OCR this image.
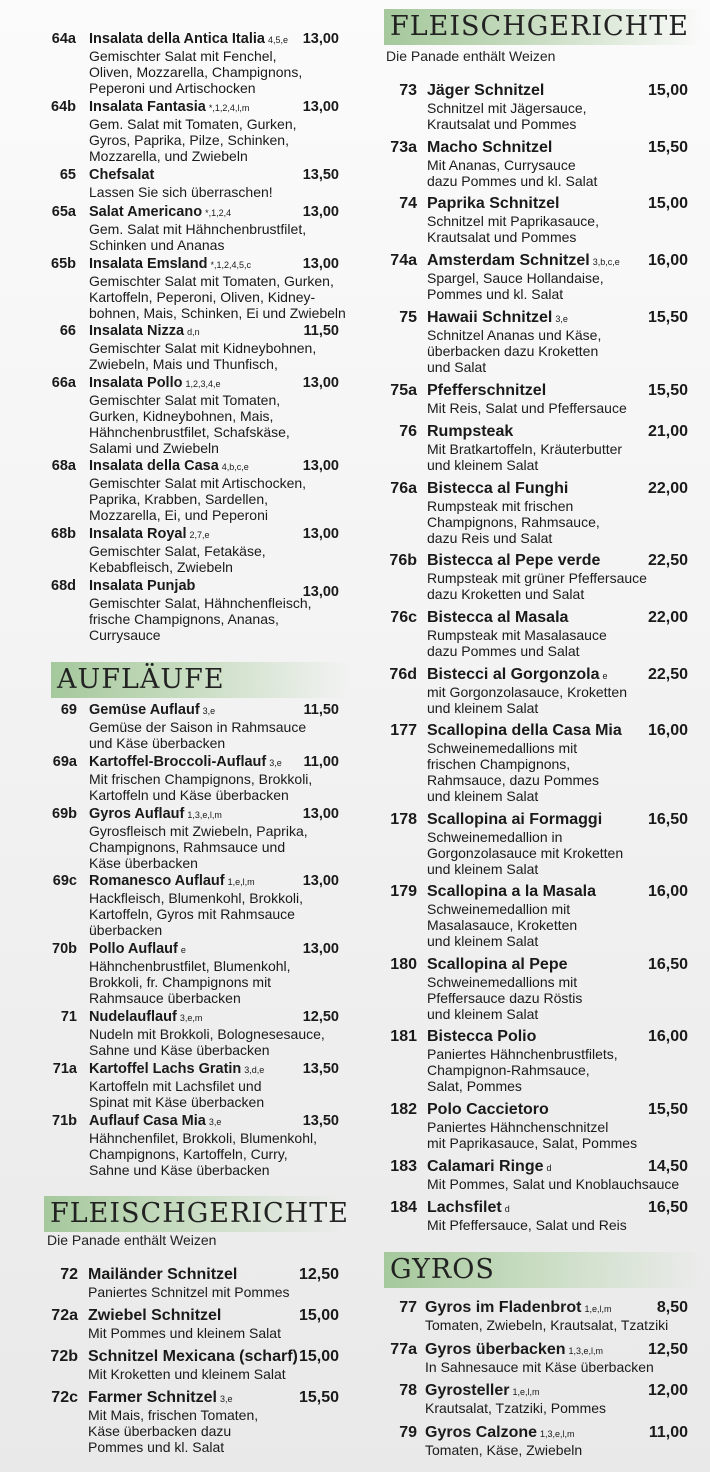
64a Insalata della Antica Italia 4,5,e	13,00
Gemischter Salat mit Fenchel,
Oliven, Mozzarella, Champignons,
Peperoni und Artischocken
64b Insalata Fantasia *,1,2,4,l,m	13,00
Gem. Salat mit Tomaten, Gurken,
Gyros, Paprika, Pilze, Schinken,
Mozzarella, und Zwiebeln
65 Chefsalat	13,50
Lassen Sie sich überraschen!
65a Salat Americano *,1,2,4	13,00
Gem. Salat mit Hähnchenbrustfilet,
Schinken und Ananas
65b Insalata Emsland *,1,2,4,5,c	13,00
Gemischter Salat mit Tomaten, Gurken,
Kartoffeln, Peperoni, Oliven, Kidney-
bohnen, Mais, Schinken, Ei und Zwiebeln
66 Insalata Nizza d,n	11,50
Gemischter Salat mit Kidneybohnen,
Zwiebeln, Mais und Thunfisch,
66a Insalata Pollo 1,2,3,4,e	13,00
Gemischter Salat mit Tomaten,
Gurken, Kidneybohnen, Mais,
Hähnchenbrustfilet, Schafskäse,
Salami und Zwiebeln
68a Insalata della Casa 4,b,c,e	13,00
Gemischter Salat mit Artischocken,
Paprika, Krabben, Sardellen,
Mozzarella, Ei, und Peperoni
68b Insalata Royal 2,7,e	13,00
Gemischter Salat, Fetakäse,
Kebabfleisch, Zwiebeln
68d Insalata Punjab	13,00
Gemischter Salat, Hähnchenfleisch,
frische Champignons, Ananas,
Currysauce
AUFLÄUFE
69 Gemüse Auflauf 3,e	11,50
Gemüse der Saison in Rahmsauce
und Käse überbacken
69a Kartoffel-Broccoli-Auflauf 3,e	11,00
Mit frischen Champignons, Brokkoli,
Kartoffeln und Käse überbacken
69b Gyros Auflauf 1,3,e,l,m	13,00
Gyrosfleisch mit Zwiebeln, Paprika,
Champignons, Rahmsauce und
Käse überbacken
69c Romanesco Auflauf 1,e,l,m	13,00
Hackfleisch, Blumenkohl, Brokkoli,
Kartoffeln, Gyros mit Rahmsauce
überbacken
70b Pollo Auflauf e	13,00
Hähnchenbrustfilet, Blumenkohl,
Brokkoli, fr. Champignons mit
Rahmsauce überbacken
71 Nudelauflauf 3,e,m	12,50
Nudeln mit Brokkoli, Bolognesesauce,
Sahne und Käse überbacken
71a Kartoffel Lachs Gratin 3,d,e	13,50
Kartoffeln mit Lachsfilet und
Spinat mit Käse überbacken
71b Auflauf Casa Mia 3,e	13,50
Hähnchenfilet, Brokkoli, Blumenkohl,
Champignons, Kartoffeln, Curry,
Sahne und Käse überbacken
FLEISCHGERICHTE
Die Panade enthält Weizen
72 Mailänder Schnitzel	12,50
Paniertes Schnitzel mit Pommes
72a Zwiebel Schnitzel	15,00
Mit Pommes und kleinem Salat
72b Schnitzel Mexicana (scharf) 15,00
Mit Kroketten und kleinem Salat
72c Farmer Schnitzel 3,e	15,50
Mit Mais, frischen Tomaten,
Käse überbacken dazu
Pommes und kl. Salat
FLEISCHGERICHTE
Die Panade enthält Weizen
73 Jäger Schnitzel	15,00
Schnitzel mit Jägersauce,
Krautsalat und Pommes
73a Macho Schnitzel	15,50
Mit Ananas, Currysauce
dazu Pommes und kl. Salat
74 Paprika Schnitzel	15,00
Schnitzel mit Paprikasauce,
Krautsalat und Pommes
74a Amsterdam Schnitzel 3,b,c,e	16,00
Spargel, Sauce Hollandaise,
Pommes und kl. Salat
75 Hawaii Schnitzel 3,e	15,50
Schnitzel Ananas und Käse,
überbacken dazu Kroketten
und Salat
75a Pfefferschnitzel	15,50
Mit Reis, Salat und Pfeffersauce
76 Rumpsteak	21,00
Mit Bratkartoffeln, Kräuterbutter
und kleinem Salat
76a Bistecca al Funghi	22,00
Rumpsteak mit frischen
Champignons, Rahmsauce,
dazu Reis und Salat
76b Bistecca al Pepe verde	22,50
Rumpsteak mit grüner Pfeffersauce
dazu Kroketten und Salat
76c Bistecca al Masala	22,00
Rumpsteak mit Masalasauce
dazu Pommes und Salat
76d Bistecci al Gorgonzola e	22,50
mit Gorgonzolasauce, Kroketten
und kleinem Salat
177 Scallopina della Casa Mia	16,00
Schweinemedallions mit
frischen Champignons,
Rahmsauce, dazu Pommes
und kleinem Salat
178 Scallopina ai Formaggi	16,50
Schweinemedallion in
Gorgonzolasauce mit Kroketten
und kleinem Salat
179 Scallopina a la Masala	16,00
Schweinemedallion mit
Masalasauce, Kroketten
und kleinem Salat
180 Scallopina al Pepe	16,50
Schweinemedallions mit
Pfeffersauce dazu Röstis
und kleinem Salat
181 Bistecca Polio	16,00
Paniertes Hähnchenbrustfilets,
Champignon-Rahmsauce,
Salat, Pommes
182 Polo Caccietoro	15,50
Paniertes Hähnchenschnitzel
mit Paprikasauce, Salat, Pommes
183 Calamari Ringe d	14,50
Mit Pommes, Salat und Knoblauchsauce
184 Lachsfilet d	16,50
Mit Pfeffersauce, Salat und Reis
GYROS
77 Gyros im Fladenbrot 1,e,l,m	8,50
Tomaten, Zwiebeln, Krautsalat, Tzatziki
77a Gyros überbacken 1,3,e,l,m	12,50
In Sahnesauce mit Käse überbacken
78 Gyrosteller 1,e,l,m	12,00
Krautsalat, Tzatziki, Pommes
79 Gyros Calzone 1,3,e,l,m	11,00
Tomaten, Käse, Zwiebeln
